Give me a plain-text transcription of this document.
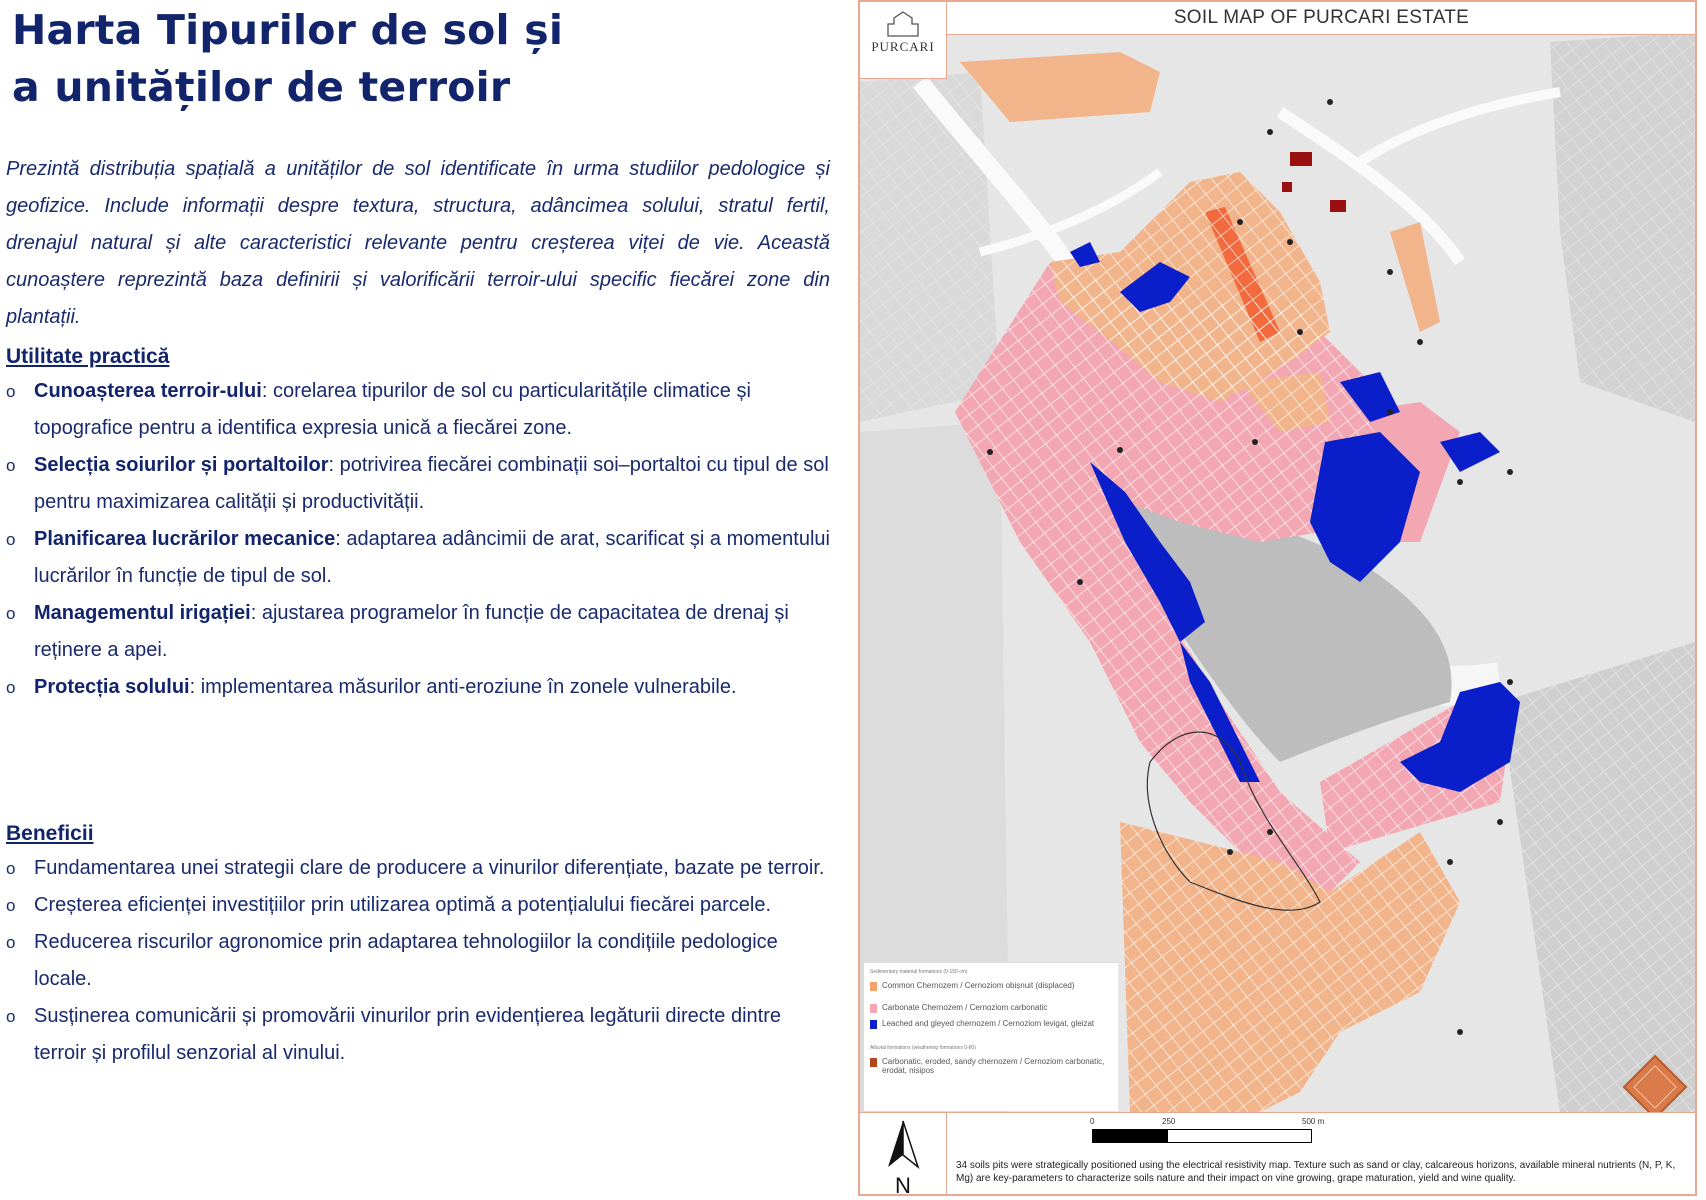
Harta Tipurilor de sol și
a unităților de terroir

Prezintă distribuția spațială a unităților de sol identificate în urma studiilor pedologice și geofizice. Include informații despre textura, structura, adâncimea solului, stratul fertil, drenajul natural și alte caracteristici relevante pentru creșterea viței de vie. Această cunoaștere reprezintă baza definirii și valorificării terroir-ului specific fiecărei zone din plantații.

Utilitate practică
o Cunoașterea terroir-ului: corelarea tipurilor de sol cu particularitățile climatice și topografice pentru a identifica expresia unică a fiecărei zone.
o Selecția soiurilor și portaltoilor: potrivirea fiecărei combinații soi–portaltoi cu tipul de sol pentru maximizarea calității și productivității.
o Planificarea lucrărilor mecanice: adaptarea adâncimii de arat, scarificat și a momentului lucrărilor în funcție de tipul de sol.
o Managementul irigației: ajustarea programelor în funcție de capacitatea de drenaj și reținere a apei.
o Protecția solului: implementarea măsurilor anti-eroziune în zonele vulnerabile.
Beneficii
o Fundamentarea unei strategii clare de producere a vinurilor diferențiate, bazate pe terroir.
o Creșterea eficienței investițiilor prin utilizarea optimă a potențialului fiecărei parcele.
o Reducerea riscurilor agronomice prin adaptarea tehnologiilor la condițiile pedologice locale.
o Susținerea comunicării și promovării vinurilor prin evidențierea legăturii directe dintre terroir și profilul senzorial al vinului.
PURCARI
SOIL MAP OF PURCARI ESTATE
Sedimentary material formations (0-150 cm)
Common Chernozem / Cernoziom obișnuit (displaced)
Carbonate Chernozem / Cernoziom carbonatic
Leached and gleyed chernozem / Cernoziom levigat, gleizat
Alluvial formations (weathering formations 0-60)
Carbonatic, eroded, sandy chernozem / Cernoziom carbonatic, erodat, nisipos
N
0	250	500 m
34 soils pits were strategically positioned using the electrical resistivity map. Texture such as sand or clay, calcareous horizons, available mineral nutrients (N, P, K, Mg) are key-parameters to characterize soils nature and their impact on vine growing, grape maturation, yield and wine quality.
